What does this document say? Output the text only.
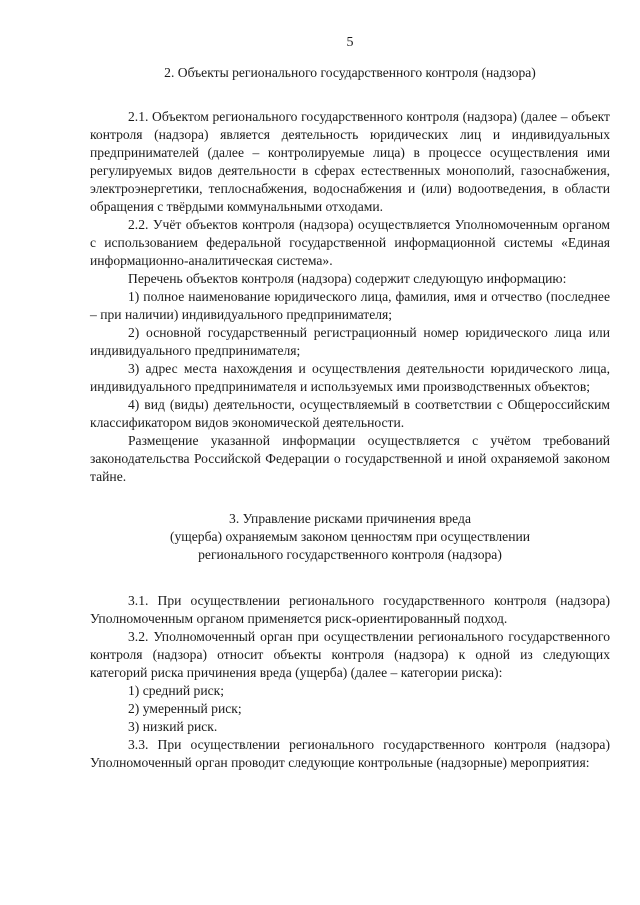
5
2. Объекты регионального государственного контроля (надзора)

2.1. Объектом регионального государственного контроля (надзора) (далее – объект контроля (надзора) является деятельность юридических лиц и индивидуальных предпринимателей (далее – контролируемые лица) в процессе осуществления ими регулируемых видов деятельности в сферах естественных монополий, газоснабжения, электроэнергетики, теплоснабжения, водоснабжения и (или) водоотведения, в области обращения с твёрдыми коммунальными отходами.

2.2. Учёт объектов контроля (надзора) осуществляется Уполномоченным органом с использованием федеральной государственной информационной системы «Единая информационно-аналитическая система».

Перечень объектов контроля (надзора) содержит следующую информацию:

1) полное наименование юридического лица, фамилия, имя и отчество (последнее – при наличии) индивидуального предпринимателя;

2) основной государственный регистрационный номер юридического лица или индивидуального предпринимателя;

3) адрес места нахождения и осуществления деятельности юридического лица, индивидуального предпринимателя и используемых ими производственных объектов;

4) вид (виды) деятельности, осуществляемый в соответствии с Общероссийским классификатором видов экономической деятельности.

Размещение указанной информации осуществляется с учётом требований законодательства Российской Федерации о государственной и иной охраняемой законом тайне.

3. Управление рисками причинения вреда
(ущерба) охраняемым законом ценностям при осуществлении
регионального государственного контроля (надзора)

3.1. При осуществлении регионального государственного контроля (надзора) Уполномоченным органом применяется риск-ориентированный подход.

3.2. Уполномоченный орган при осуществлении регионального государственного контроля (надзора) относит объекты контроля (надзора) к одной из следующих категорий риска причинения вреда (ущерба) (далее – категории риска):

1) средний риск;

2) умеренный риск;

3) низкий риск.

3.3. При осуществлении регионального государственного контроля (надзора) Уполномоченный орган проводит следующие контрольные (надзорные) мероприятия:
